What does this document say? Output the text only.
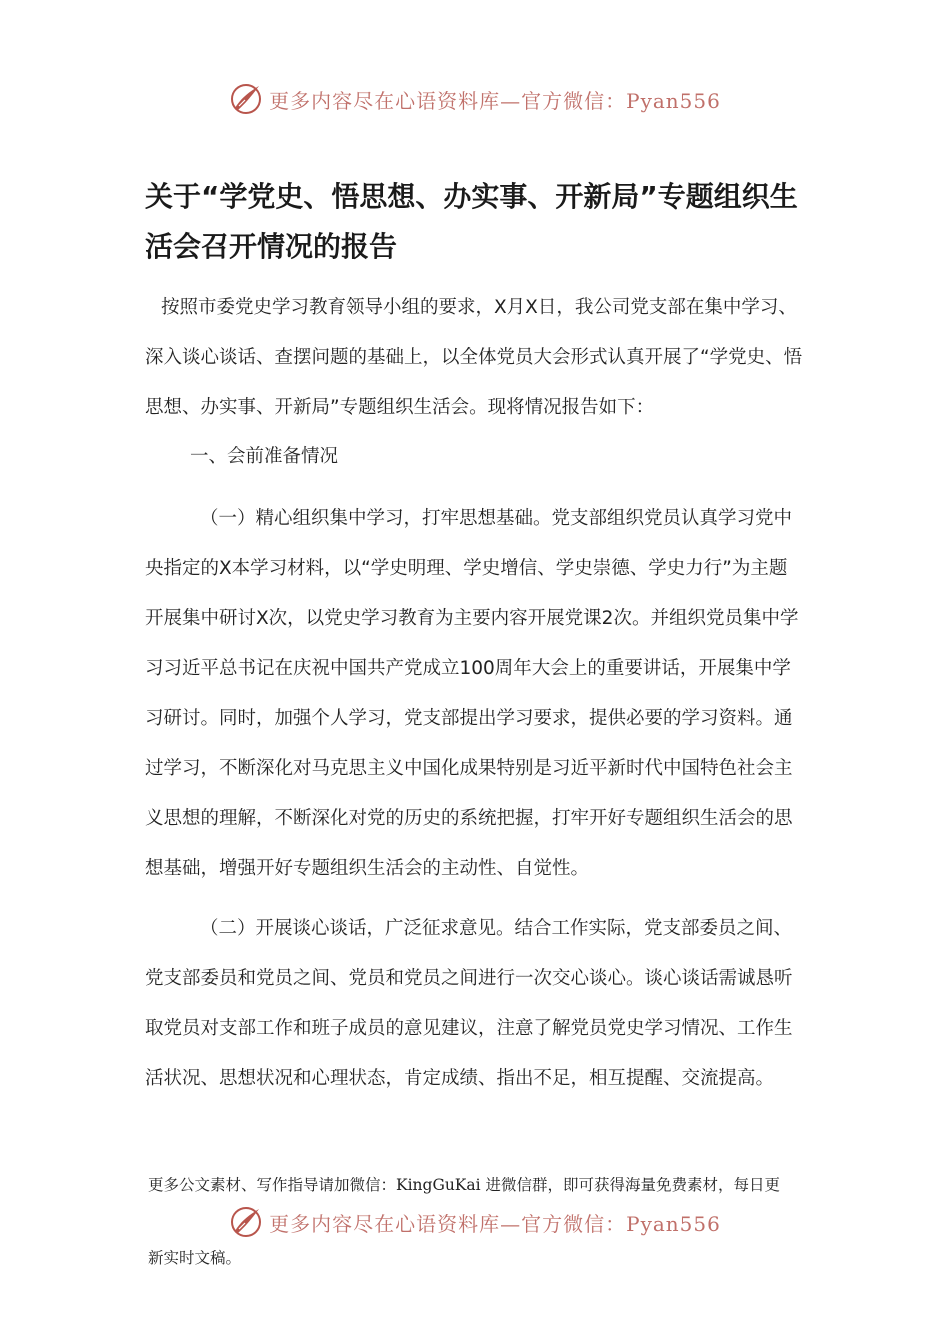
更多内容尽在心语资料库—官方微信：Pyan556
关于“学党史、悟思想、办实事、开新局”专题组织生活会召开情况的报告

按照市委党史学习教育领导小组的要求，X月X日，我公司党支部在集中学习、深入谈心谈话、查摆问题的基础上，以全体党员大会形式认真开展了“学党史、悟思想、办实事、开新局”专题组织生活会。现将情况报告如下：

一、会前准备情况

（一）精心组织集中学习，打牢思想基础。党支部组织党员认真学习党中央指定的X本学习材料，以“学史明理、学史增信、学史崇德、学史力行”为主题开展集中研讨X次，以党史学习教育为主要内容开展党课2次。并组织党员集中学习习近平总书记在庆祝中国共产党成立100周年大会上的重要讲话，开展集中学习研讨。同时，加强个人学习，党支部提出学习要求，提供必要的学习资料。通过学习，不断深化对马克思主义中国化成果特别是习近平新时代中国特色社会主义思想的理解，不断深化对党的历史的系统把握，打牢开好专题组织生活会的思想基础，增强开好专题组织生活会的主动性、自觉性。

（二）开展谈心谈话，广泛征求意见。结合工作实际，党支部委员之间、党支部委员和党员之间、党员和党员之间进行一次交心谈心。谈心谈话需诚恳听取党员对支部工作和班子成员的意见建议，注意了解党员党史学习情况、工作生活状况、思想状况和心理状态，肯定成绩、指出不足，相互提醒、交流提高。

更多公文素材、写作指导请加微信：KingGuKai 进微信群，即可获得海量免费素材，每日更
更多内容尽在心语资料库—官方微信：Pyan556
新实时文稿。
